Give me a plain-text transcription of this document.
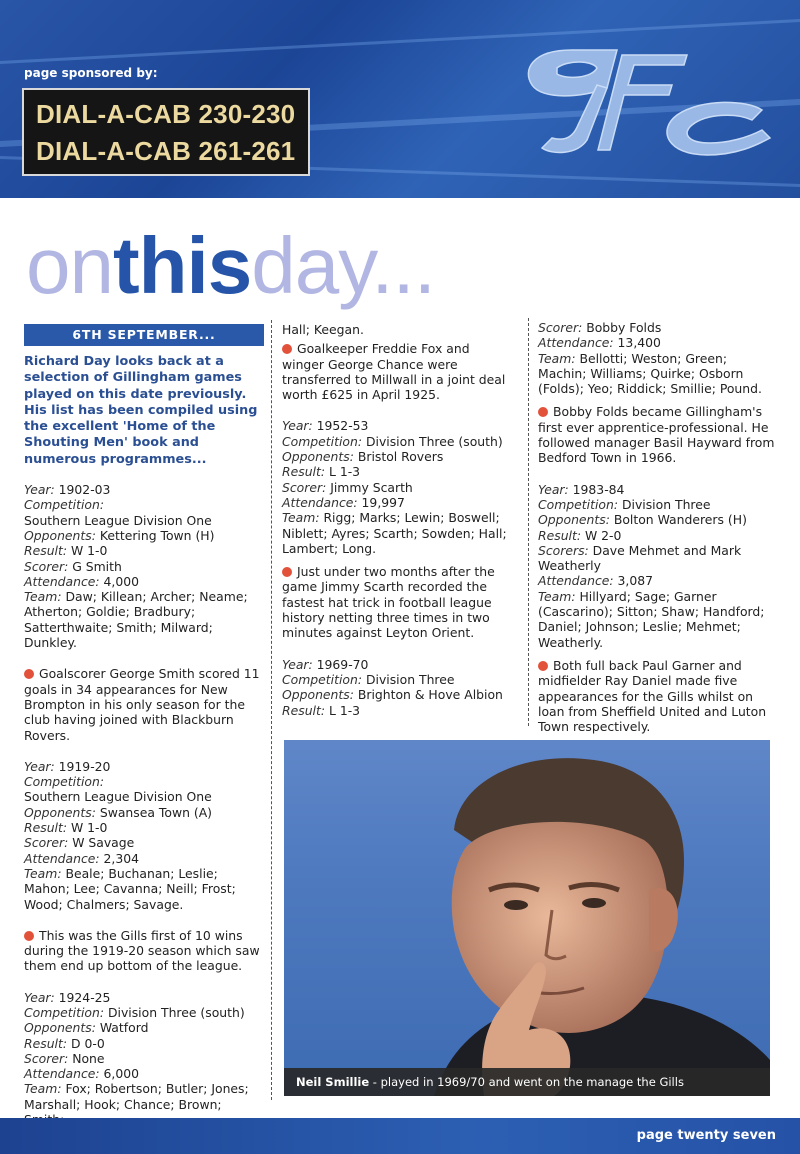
page sponsored by:
DIAL-A-CAB 230-230
DIAL-A-CAB 261-261
onthisday...
6TH SEPTEMBER...
Richard Day looks back at a selection of Gillingham games played on this date previously. His list has been compiled using the excellent 'Home of the Shouting Men' book and numerous programmes...
Year: 1902-03
Competition:
Southern League Division One
Opponents: Kettering Town (H)
Result: W 1-0
Scorer: G Smith
Attendance: 4,000
Team: Daw; Killean; Archer; Neame; Atherton; Goldie; Bradbury; Satterthwaite; Smith; Milward; Dunkley.
Goalscorer George Smith scored 11 goals in 34 appearances for New Brompton in his only season for the club having joined with Blackburn Rovers.
Year: 1919-20
Competition:
Southern League Division One
Opponents: Swansea Town (A)
Result: W 1-0
Scorer: W Savage
Attendance: 2,304
Team: Beale; Buchanan; Leslie; Mahon; Lee; Cavanna; Neill; Frost; Wood; Chalmers; Savage.
This was the Gills first of 10 wins during the 1919-20 season which saw them end up bottom of the league.
Year: 1924-25
Competition: Division Three (south)
Opponents: Watford
Result: D 0-0
Scorer: None
Attendance: 6,000
Team: Fox; Robertson; Butler; Jones; Marshall; Hook; Chance; Brown;
Hall; Keegan.
Goalkeeper Freddie Fox and winger George Chance were transferred to Millwall in a joint deal worth £625 in April 1925.
Year: 1952-53
Competition: Division Three (south)
Opponents: Bristol Rovers
Result: L 1-3
Scorer: Jimmy Scarth
Attendance: 19,997
Team: Rigg; Marks; Lewin; Boswell; Niblett; Ayres; Scarth; Sowden; Hall; Lambert; Long.
Just under two months after the game Jimmy Scarth recorded the fastest hat trick in football league history netting three times in two minutes against Leyton Orient.
Year: 1969-70
Competition: Division Three
Opponents: Brighton & Hove Albion
Result: L 1-3
Scorer: Bobby Folds
Attendance: 13,400
Team: Bellotti; Weston; Green; Machin; Williams; Quirke; Osborn (Folds); Yeo; Riddick; Smillie; Pound.
Bobby Folds became Gillingham's first ever apprentice-professional. He followed manager Basil Hayward from Bedford Town in 1966.
Year: 1983-84
Competition: Division Three
Opponents: Bolton Wanderers (H)
Result: W 2-0
Scorers: Dave Mehmet and Mark Weatherly
Attendance: 3,087
Team: Hillyard; Sage; Garner (Cascarino); Sitton; Shaw; Handford; Daniel; Johnson; Leslie; Mehmet; Weatherly.
Both full back Paul Garner and midfielder Ray Daniel made five appearances for the Gills whilst on loan from Sheffield United and Luton Town respectively.
Neil Smillie - played in 1969/70 and went on the manage the Gills
page twenty seven
